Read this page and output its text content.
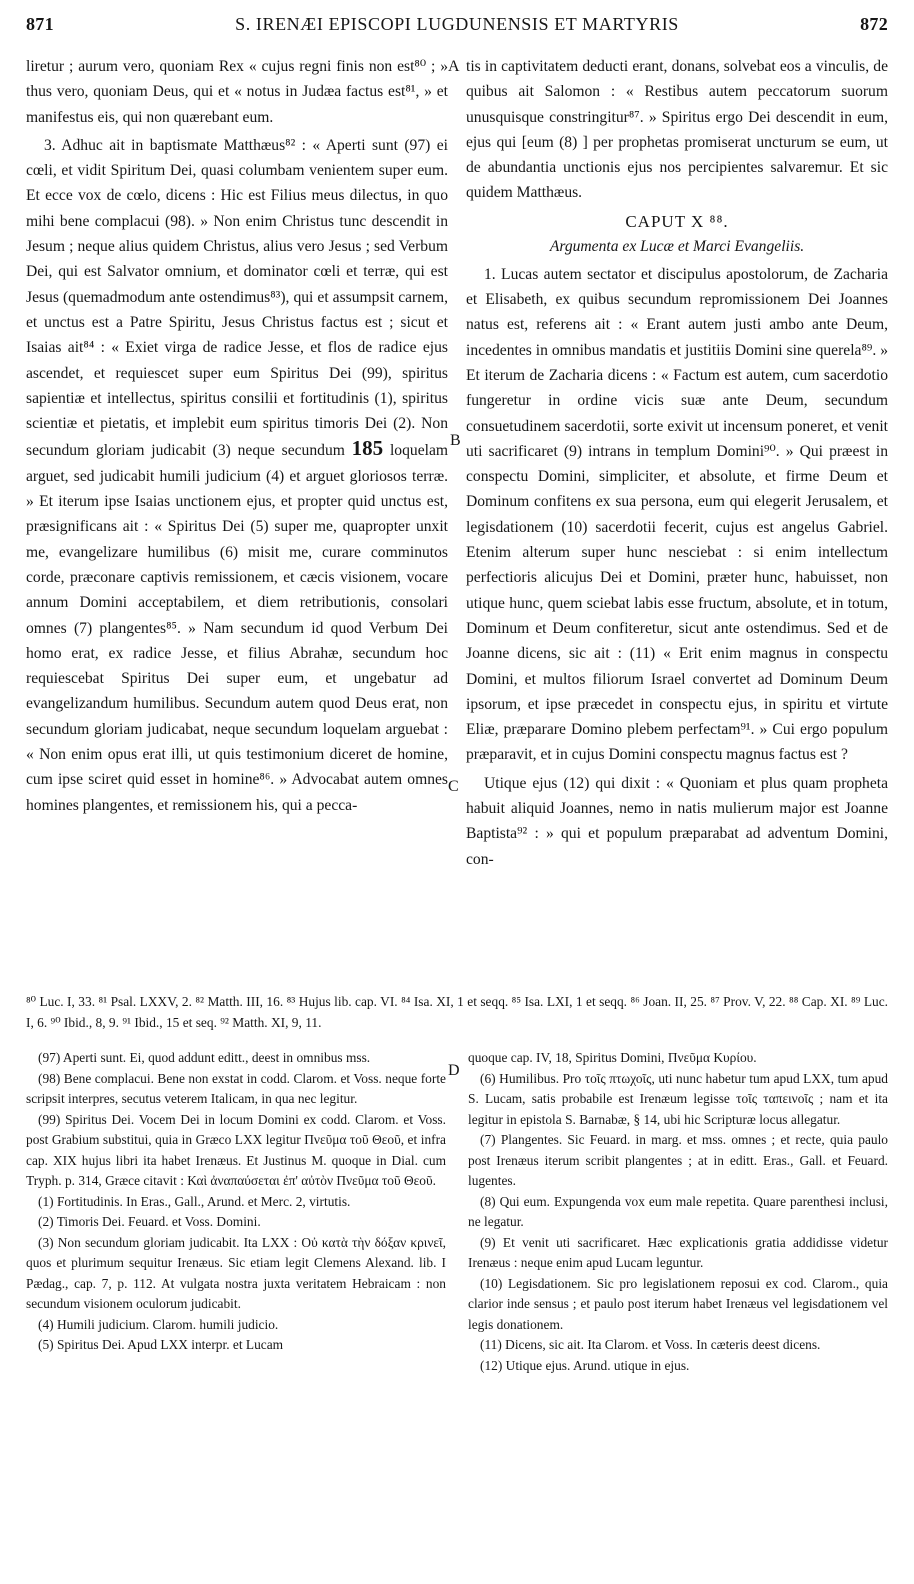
871	S. IRENÆI EPISCOPI LUGDUNENSIS ET MARTYRIS	872
A
B
C
D

liretur ; aurum vero, quoniam Rex « cujus regni finis non est⁸⁰ ; » thus vero, quoniam Deus, qui et « notus in Judæa factus est⁸¹, » et manifestus eis, qui non quærebant eum.

3. Adhuc ait in baptismate Matthæus⁸² : « Aperti sunt (97) ei cœli, et vidit Spiritum Dei, quasi columbam venientem super eum. Et ecce vox de cœlo, dicens : Hic est Filius meus dilectus, in quo mihi bene complacui (98). » Non enim Christus tunc descendit in Jesum ; neque alius quidem Christus, alius vero Jesus ; sed Verbum Dei, qui est Salvator omnium, et dominator cœli et terræ, qui est Jesus (quemadmodum ante ostendimus⁸³), qui et assumpsit carnem, et unctus est a Patre Spiritu, Jesus Christus factus est ; sicut et Isaias ait⁸⁴ : « Exiet virga de radice Jesse, et flos de radice ejus ascendet, et requiescet super eum Spiritus Dei (99), spiritus sapientiæ et intellectus, spiritus consilii et fortitudinis (1), spiritus scientiæ et pietatis, et implebit eum spiritus timoris Dei (2). Non secundum gloriam judicabit (3) neque secundum 185 loquelam arguet, sed judicabit humili judicium (4) et arguet gloriosos terræ. » Et iterum ipse Isaias unctionem ejus, et propter quid unctus est, præsignificans ait : « Spiritus Dei (5) super me, quapropter unxit me, evangelizare humilibus (6) misit me, curare comminutos corde, præconare captivis remissionem, et cæcis visionem, vocare annum Domini acceptabilem, et diem retributionis, consolari omnes (7) plangentes⁸⁵. » Nam secundum id quod Verbum Dei homo erat, ex radice Jesse, et filius Abrahæ, secundum hoc requiescebat Spiritus Dei super eum, et ungebatur ad evangelizandum humilibus. Secundum autem quod Deus erat, non secundum gloriam judicabat, neque secundum loquelam arguebat : « Non enim opus erat illi, ut quis testimonium diceret de homine, cum ipse sciret quid esset in homine⁸⁶. » Advocabat autem omnes homines plangentes, et remissionem his, qui a pecca-

tis in captivitatem deducti erant, donans, solvebat eos a vinculis, de quibus ait Salomon : « Restibus autem peccatorum suorum unusquisque constringitur⁸⁷. » Spiritus ergo Dei descendit in eum, ejus qui [eum (8) ] per prophetas promiserat uncturum se eum, ut de abundantia unctionis ejus nos percipientes salvaremur. Et sic quidem Matthæus.

CAPUT X ⁸⁸.
Argumenta ex Lucæ et Marci Evangeliis.

1. Lucas autem sectator et discipulus apostolorum, de Zacharia et Elisabeth, ex quibus secundum repromissionem Dei Joannes natus est, referens ait : « Erant autem justi ambo ante Deum, incedentes in omnibus mandatis et justitiis Domini sine querela⁸⁹. » Et iterum de Zacharia dicens : « Factum est autem, cum sacerdotio fungeretur in ordine vicis suæ ante Deum, secundum consuetudinem sacerdotii, sorte exivit ut incensum poneret, et venit uti sacrificaret (9) intrans in templum Domini⁹⁰. » Qui præest in conspectu Domini, simpliciter, et absolute, et firme Deum et Dominum confitens ex sua persona, eum qui elegerit Jerusalem, et legisdationem (10) sacerdotii fecerit, cujus est angelus Gabriel. Etenim alterum super hunc nesciebat : si enim intellectum perfectioris alicujus Dei et Domini, præter hunc, habuisset, non utique hunc, quem sciebat labis esse fructum, absolute, et in totum, Dominum et Deum confiteretur, sicut ante ostendimus. Sed et de Joanne dicens, sic ait : (11) « Erit enim magnus in conspectu Domini, et multos filiorum Israel convertet ad Dominum Deum ipsorum, et ipse præcedet in conspectu ejus, in spiritu et virtute Eliæ, præparare Domino plebem perfectam⁹¹. » Cui ergo populum præparavit, et in cujus Domini conspectu magnus factus est ?

Utique ejus (12) qui dixit : « Quoniam et plus quam propheta habuit aliquid Joannes, nemo in natis mulierum major est Joanne Baptista⁹² : » qui et populum præparabat ad adventum Domini, con-

⁸⁰ Luc. I, 33. ⁸¹ Psal. LXXV, 2. ⁸² Matth. III, 16. ⁸³ Hujus lib. cap. VI. ⁸⁴ Isa. XI, 1 et seqq. ⁸⁵ Isa. LXI, 1 et seqq. ⁸⁶ Joan. II, 25. ⁸⁷ Prov. V, 22. ⁸⁸ Cap. XI. ⁸⁹ Luc. I, 6. ⁹⁰ Ibid., 8, 9. ⁹¹ Ibid., 15 et seq. ⁹² Matth. XI, 9, 11.

(97) Aperti sunt. Ei, quod addunt editt., deest in omnibus mss.

(98) Bene complacui. Bene non exstat in codd. Clarom. et Voss. neque forte scripsit interpres, secutus veterem Italicam, in qua nec legitur.

(99) Spiritus Dei. Vocem Dei in locum Domini ex codd. Clarom. et Voss. post Grabium substitui, quia in Græco LXX legitur Πνεῦμα τοῦ Θεοῦ, et infra cap. XIX hujus libri ita habet Irenæus. Et Justinus M. quoque in Dial. cum Tryph. p. 314, Græce citavit : Καὶ ἀναπαύσεται ἐπ' αὐτὸν Πνεῦμα τοῦ Θεοῦ.

(1) Fortitudinis. In Eras., Gall., Arund. et Merc. 2, virtutis.

(2) Timoris Dei. Feuard. et Voss. Domini.

(3) Non secundum gloriam judicabit. Ita LXX : Οὐ κατὰ τὴν δόξαν κρινεῖ, quos et plurimum sequitur Irenæus. Sic etiam legit Clemens Alexand. lib. I Pædag., cap. 7, p. 112. At vulgata nostra juxta veritatem Hebraicam : non secundum visionem oculorum judicabit.

(4) Humili judicium. Clarom. humili judicio.

(5) Spiritus Dei. Apud LXX interpr. et Lucam

quoque cap. IV, 18, Spiritus Domini, Πνεῦμα Κυρίου.

(6) Humilibus. Pro τοῖς πτωχοῖς, uti nunc habetur tum apud LXX, tum apud S. Lucam, satis probabile est Irenæum legisse τοῖς ταπεινοῖς ; nam et ita legitur in epistola S. Barnabæ, § 14, ubi hic Scripturæ locus allegatur.

(7) Plangentes. Sic Feuard. in marg. et mss. omnes ; et recte, quia paulo post Irenæus iterum scribit plangentes ; at in editt. Eras., Gall. et Feuard. lugentes.

(8) Qui eum. Expungenda vox eum male repetita. Quare parenthesi inclusi, ne legatur.

(9) Et venit uti sacrificaret. Hæc explicationis gratia addidisse videtur Irenæus : neque enim apud Lucam leguntur.

(10) Legisdationem. Sic pro legislationem reposui ex cod. Clarom., quia clarior inde sensus ; et paulo post iterum habet Irenæus vel legisdationem vel legis donationem.

(11) Dicens, sic ait. Ita Clarom. et Voss. In cæteris deest dicens.

(12) Utique ejus. Arund. utique in ejus.
